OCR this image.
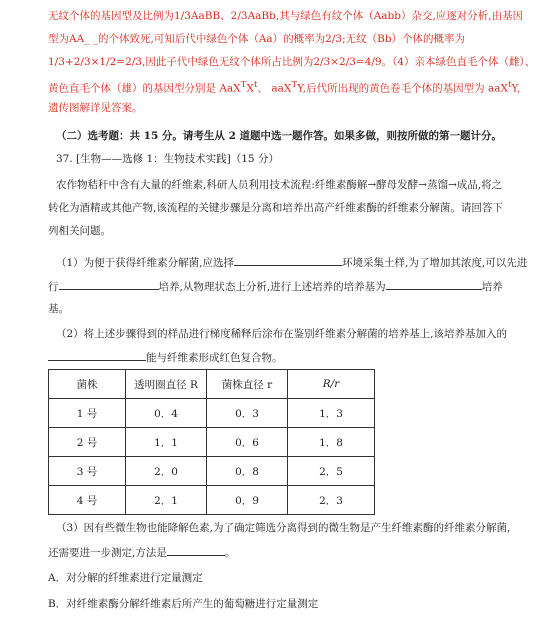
无纹个体的基因型及比例为1/3AaBB、2/3AaBb,其与绿色有纹个体（Aabb）杂交,应逐对分析,由基因
型为AA_ _的个体致死,可知后代中绿色个体（Aa）的概率为2/3;无纹（Bb）个体的概率为
1/3+2/3×1/2=2/3,因此子代中绿色无纹个体所占比例为2/3×2/3=4/9。（4）亲本绿色直毛个体（雌）、
黄色直毛个体（雄）的基因型分别是 $AaX^TX^t$、 aaX$^T$Y,后代所出现的黄色卷毛个体的基因型为 aaX$^t$Y,
遗传图解详见答案。
（二）选考题：共 15 分。请考生从 2 道题中选一题作答。如果多做，则按所做的第一题计分。
37. [生物——选修 1：生物技术实践]（15 分）
农作物秸秆中含有大量的纤维素,科研人员利用技术流程:纤维素酶解→酵母发酵→蒸馏→成品,将之
转化为酒精或其他产物,该流程的关键步骤是分离和培养出高产纤维素酶的纤维素分解菌。请回答下
列相关问题。
（1）为便于获得纤维素分解菌,应选择	环境采集土样,为了增加其浓度,可以先进
行	培养,从物理状态上分析,进行上述培养的培养基为	培养
基。
（2）将上述步骤得到的样品进行梯度稀释后涂布在鉴别纤维素分解菌的培养基上,该培养基加入的
能与纤维素形成红色复合物。
菌株	透明圈直径 R	菌株直径 r	R/r
1 号	0．4	0．3	1．3
2 号	1．1	0．6	1．8
3 号	2．0	0．8	2．5
4 号	2．1	0．9	2．3
（3）因有些微生物也能降解色素,为了确定筛选分离得到的微生物是产生纤维素酶的纤维素分解菌,
还需要进一步测定,方法是	。
A．对分解的纤维素进行定量测定
B．对纤维素酶分解纤维素后所产生的葡萄糖进行定量测定
